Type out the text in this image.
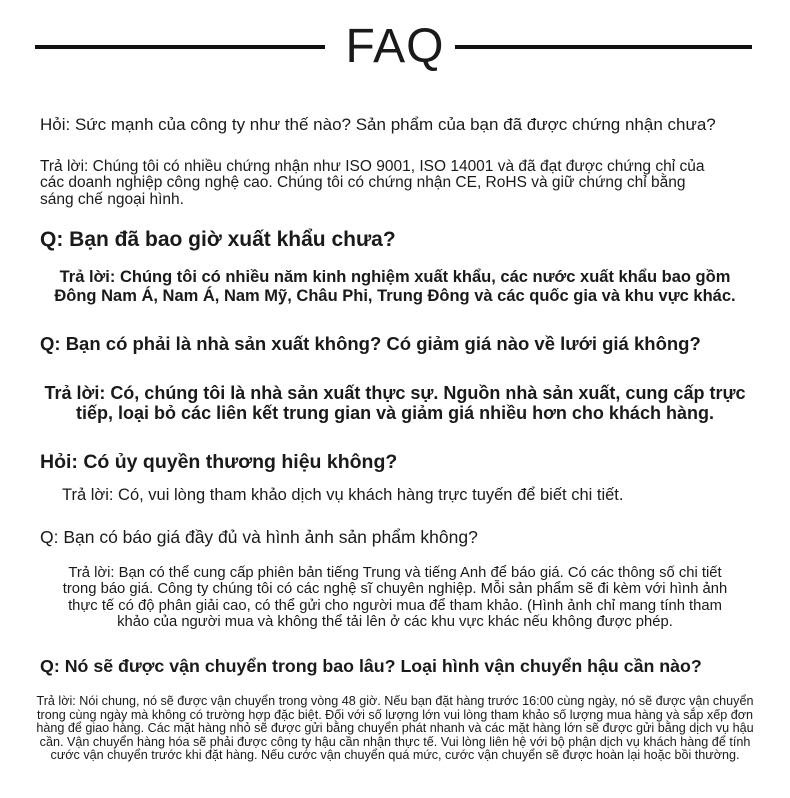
FAQ
Hỏi: Sức mạnh của công ty như thế nào? Sản phẩm của bạn đã được chứng nhận chưa?
Trả lời: Chúng tôi có nhiều chứng nhận như ISO 9001, ISO 14001 và đã đạt được chứng chỉ của
các doanh nghiệp công nghệ cao. Chúng tôi có chứng nhận CE, RoHS và giữ chứng chỉ bằng
sáng chế ngoại hình.
Q: Bạn đã bao giờ xuất khẩu chưa?
Trả lời: Chúng tôi có nhiều năm kinh nghiệm xuất khẩu, các nước xuất khẩu bao gồm
Đông Nam Á, Nam Á, Nam Mỹ, Châu Phi, Trung Đông và các quốc gia và khu vực khác.
Q: Bạn có phải là nhà sản xuất không? Có giảm giá nào về lưới giá không?
Trả lời: Có, chúng tôi là nhà sản xuất thực sự. Nguồn nhà sản xuất, cung cấp trực
tiếp, loại bỏ các liên kết trung gian và giảm giá nhiều hơn cho khách hàng.
Hỏi: Có ủy quyền thương hiệu không?
Trả lời: Có, vui lòng tham khảo dịch vụ khách hàng trực tuyến để biết chi tiết.
Q: Bạn có báo giá đầy đủ và hình ảnh sản phẩm không?
Trả lời: Bạn có thể cung cấp phiên bản tiếng Trung và tiếng Anh để báo giá. Có các thông số chi tiết
trong báo giá. Công ty chúng tôi có các nghệ sĩ chuyên nghiệp. Mỗi sản phẩm sẽ đi kèm với hình ảnh
thực tế có độ phân giải cao, có thể gửi cho người mua để tham khảo. (Hình ảnh chỉ mang tính tham
khảo của người mua và không thể tải lên ở các khu vực khác nếu không được phép.
Q: Nó sẽ được vận chuyển trong bao lâu? Loại hình vận chuyển hậu cần nào?
Trả lời: Nói chung, nó sẽ được vận chuyển trong vòng 48 giờ. Nếu bạn đặt hàng trước 16:00 cùng ngày, nó sẽ được vận chuyển
trong cùng ngày mà không có trường hợp đặc biệt. Đối với số lượng lớn vui lòng tham khảo số lượng mua hàng và sắp xếp đơn
hàng để giao hàng. Các mặt hàng nhỏ sẽ được gửi bằng chuyển phát nhanh và các mặt hàng lớn sẽ được gửi bằng dịch vụ hậu
cần. Vận chuyển hàng hóa sẽ phải được công ty hậu cần nhận thực tế. Vui lòng liên hệ với bộ phận dịch vụ khách hàng để tính
cước vận chuyển trước khi đặt hàng. Nếu cước vận chuyển quá mức, cước vận chuyển sẽ được hoàn lại hoặc bồi thường.
